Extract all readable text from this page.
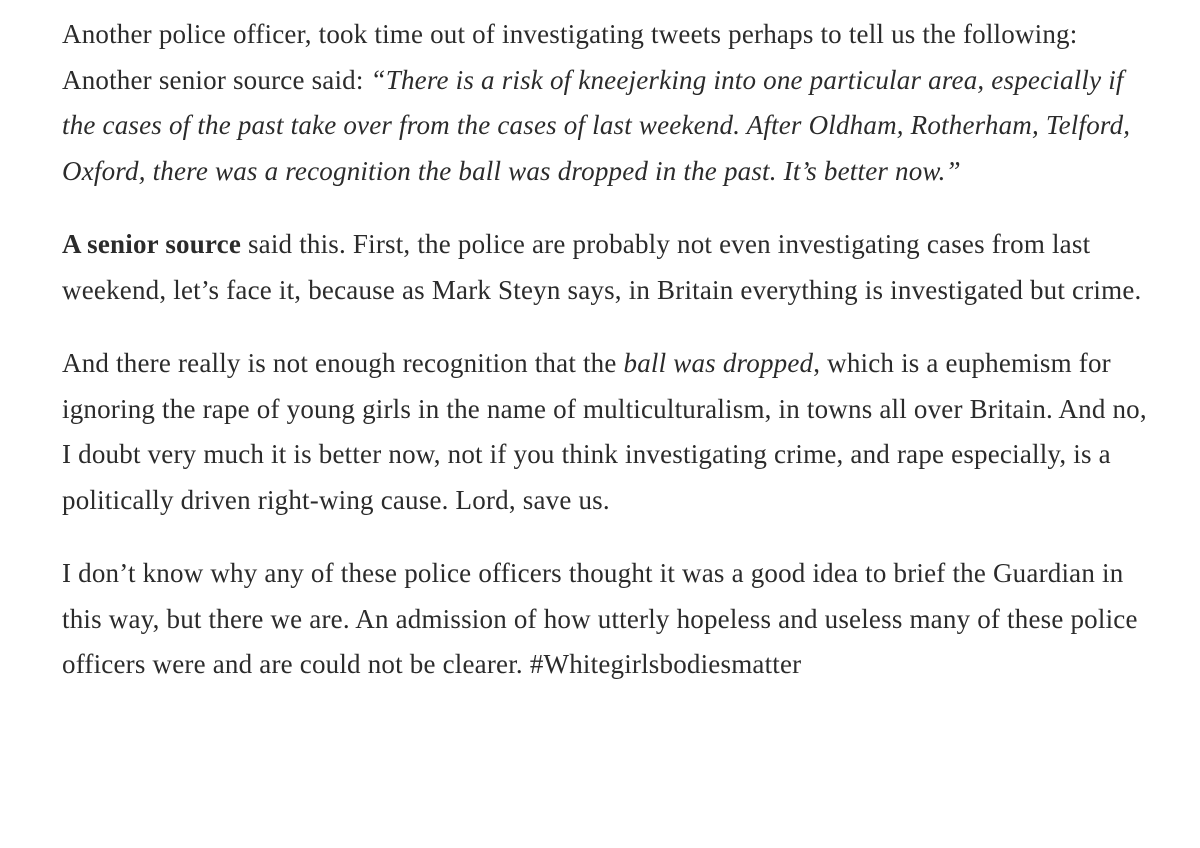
Another police officer, took time out of investigating tweets perhaps to tell us the following: Another senior source said: “There is a risk of kneejerking into one particular area, especially if the cases of the past take over from the cases of last weekend. After Oldham, Rotherham, Telford, Oxford, there was a recognition the ball was dropped in the past. It’s better now.”

A senior source said this. First, the police are probably not even investigating cases from last weekend, let’s face it, because as Mark Steyn says, in Britain everything is investigated but crime.

And there really is not enough recognition that the ball was dropped, which is a euphemism for ignoring the rape of young girls in the name of multiculturalism, in towns all over Britain. And no, I doubt very much it is better now, not if you think investigating crime, and rape especially, is a politically driven right-wing cause. Lord, save us.

I don’t know why any of these police officers thought it was a good idea to brief the Guardian in this way, but there we are. An admission of how utterly hopeless and useless many of these police officers were and are could not be clearer. #Whitegirlsbodiesmatter
